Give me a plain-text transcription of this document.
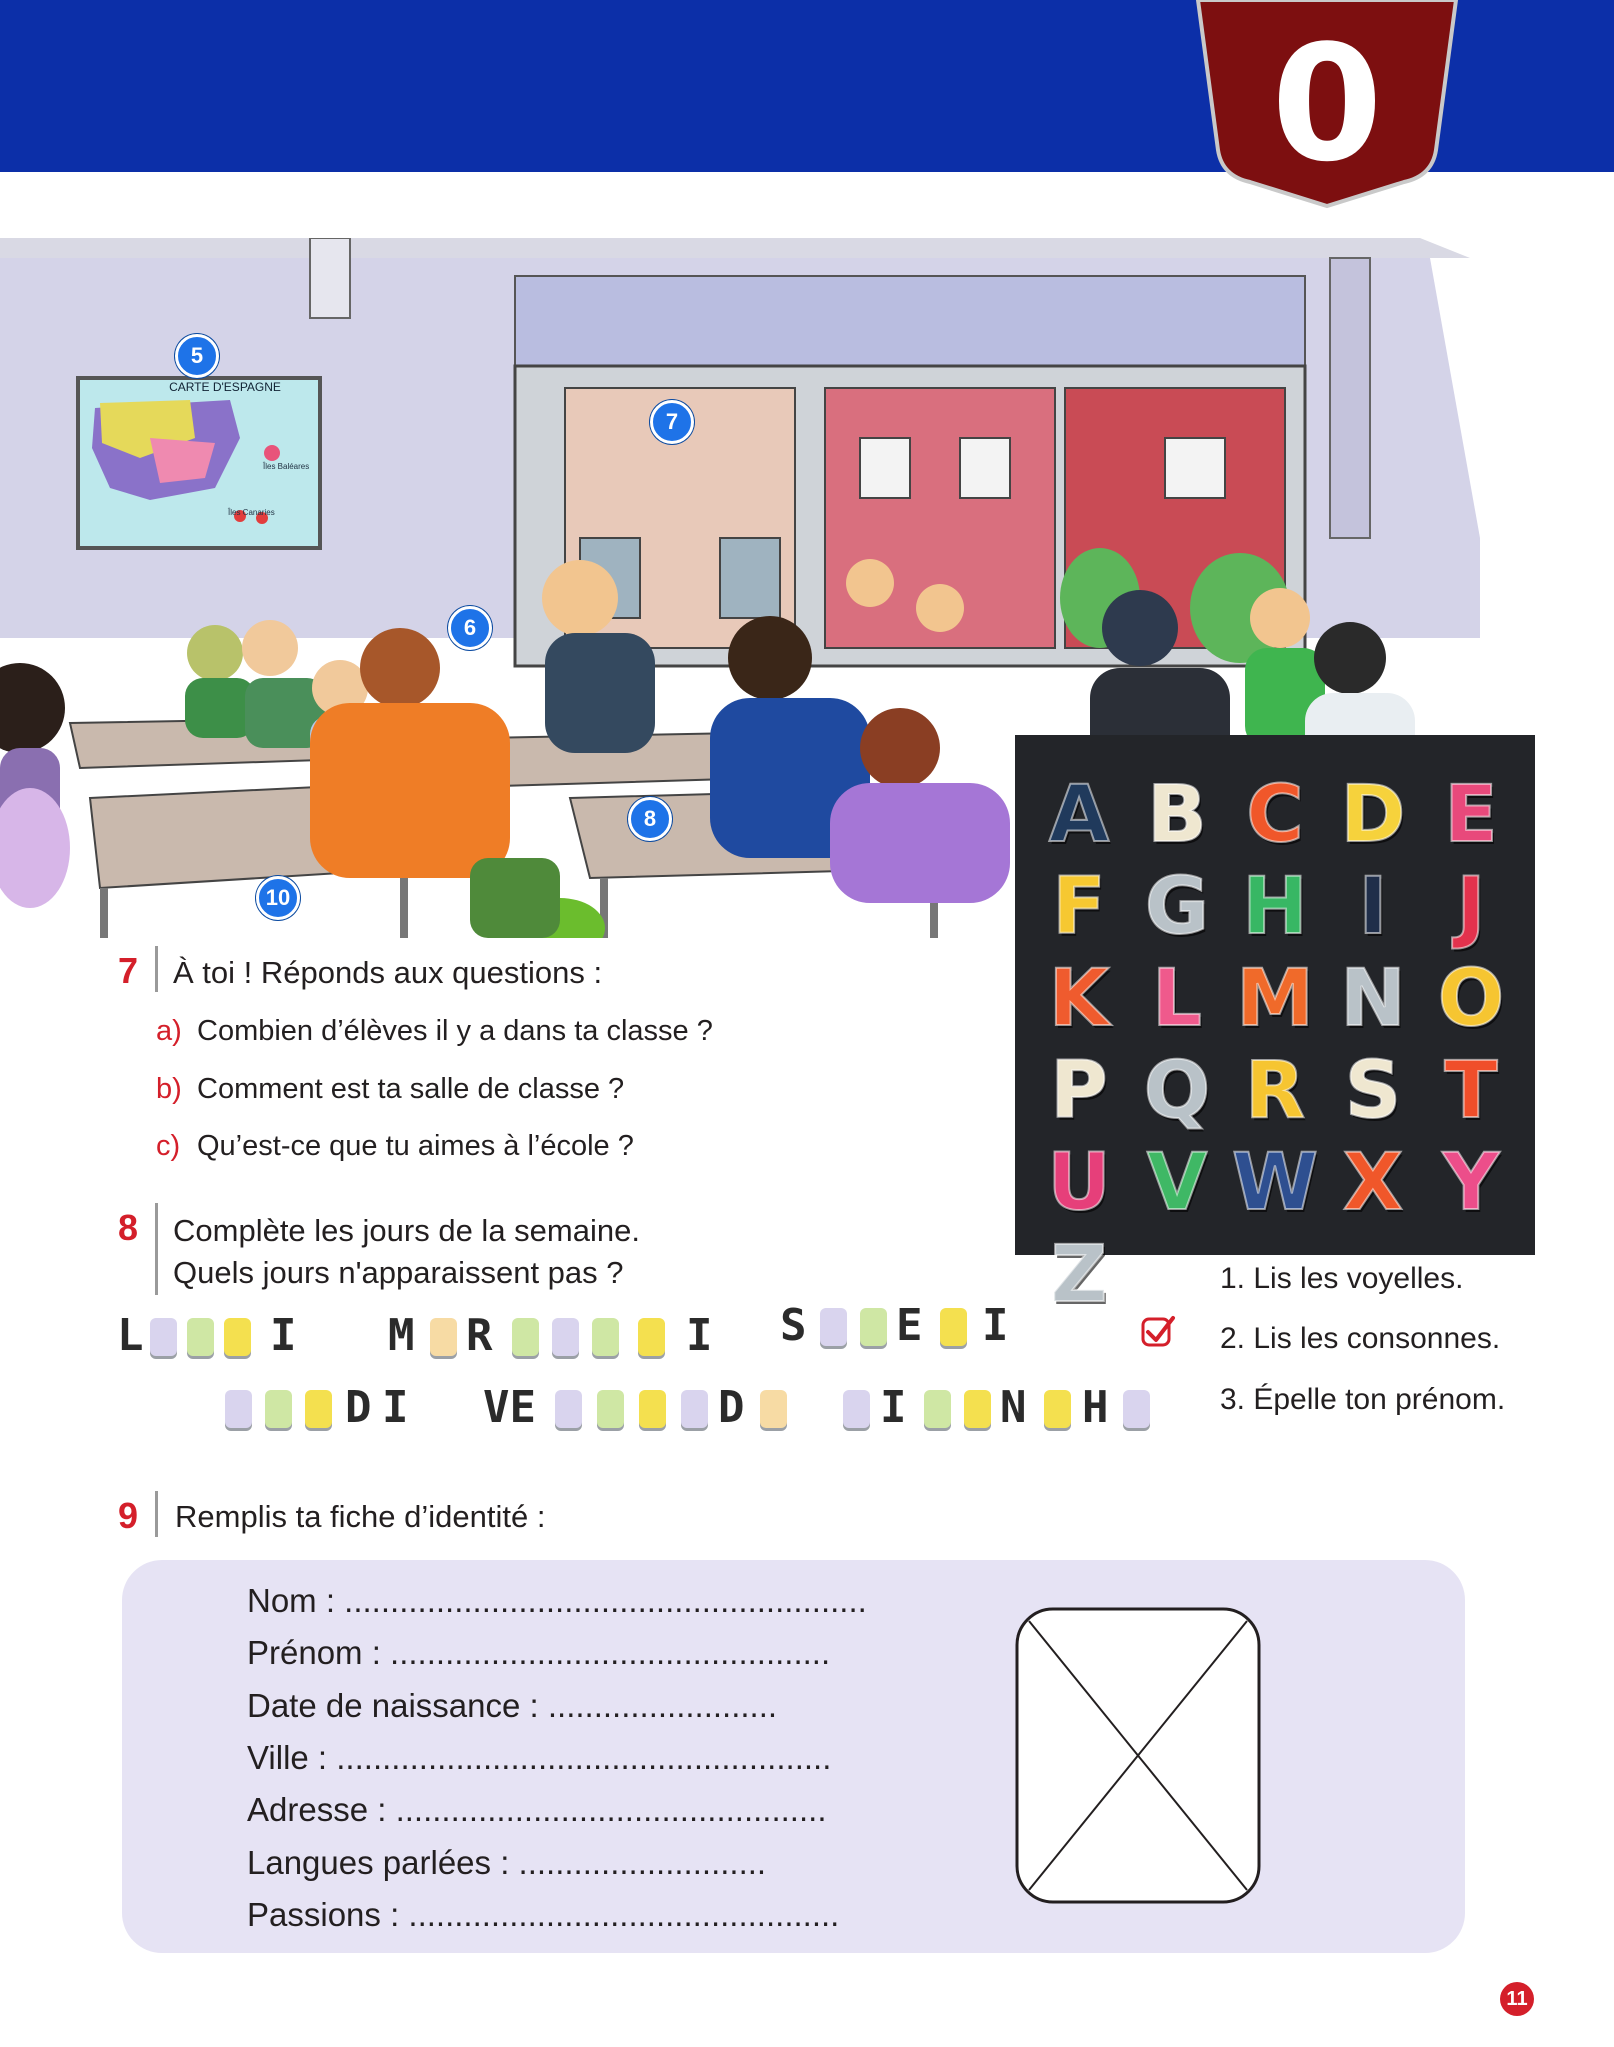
0
CARTE D'ESPAGNE
Îles Baléares
Îles Canaries
5
6
7
8
10
A B C D E
F G H I J
K L M N O
P Q R S T
U V W X Y
Z
7 À toi ! Réponds aux questions :
a) Combien d’élèves il y a dans ta classe ?
b) Comment est ta salle de classe ?
c) Qu’est-ce que tu aimes à l’école ?
8 Complète les jours de la semaine.
Quels jours n'apparaissent pas ?
L	I M R	I S E I
D I VE	D	I N H
1. Lis les voyelles.
2. Lis les consonnes.
3. Épelle ton prénom.
9 Remplis ta fiche d’identité :
Nom : .........................................................
Prénom : ................................................
Date de naissance : .........................
Ville : ......................................................
Adresse : ...............................................
Langues parlées : ...........................
Passions : ...............................................
11
